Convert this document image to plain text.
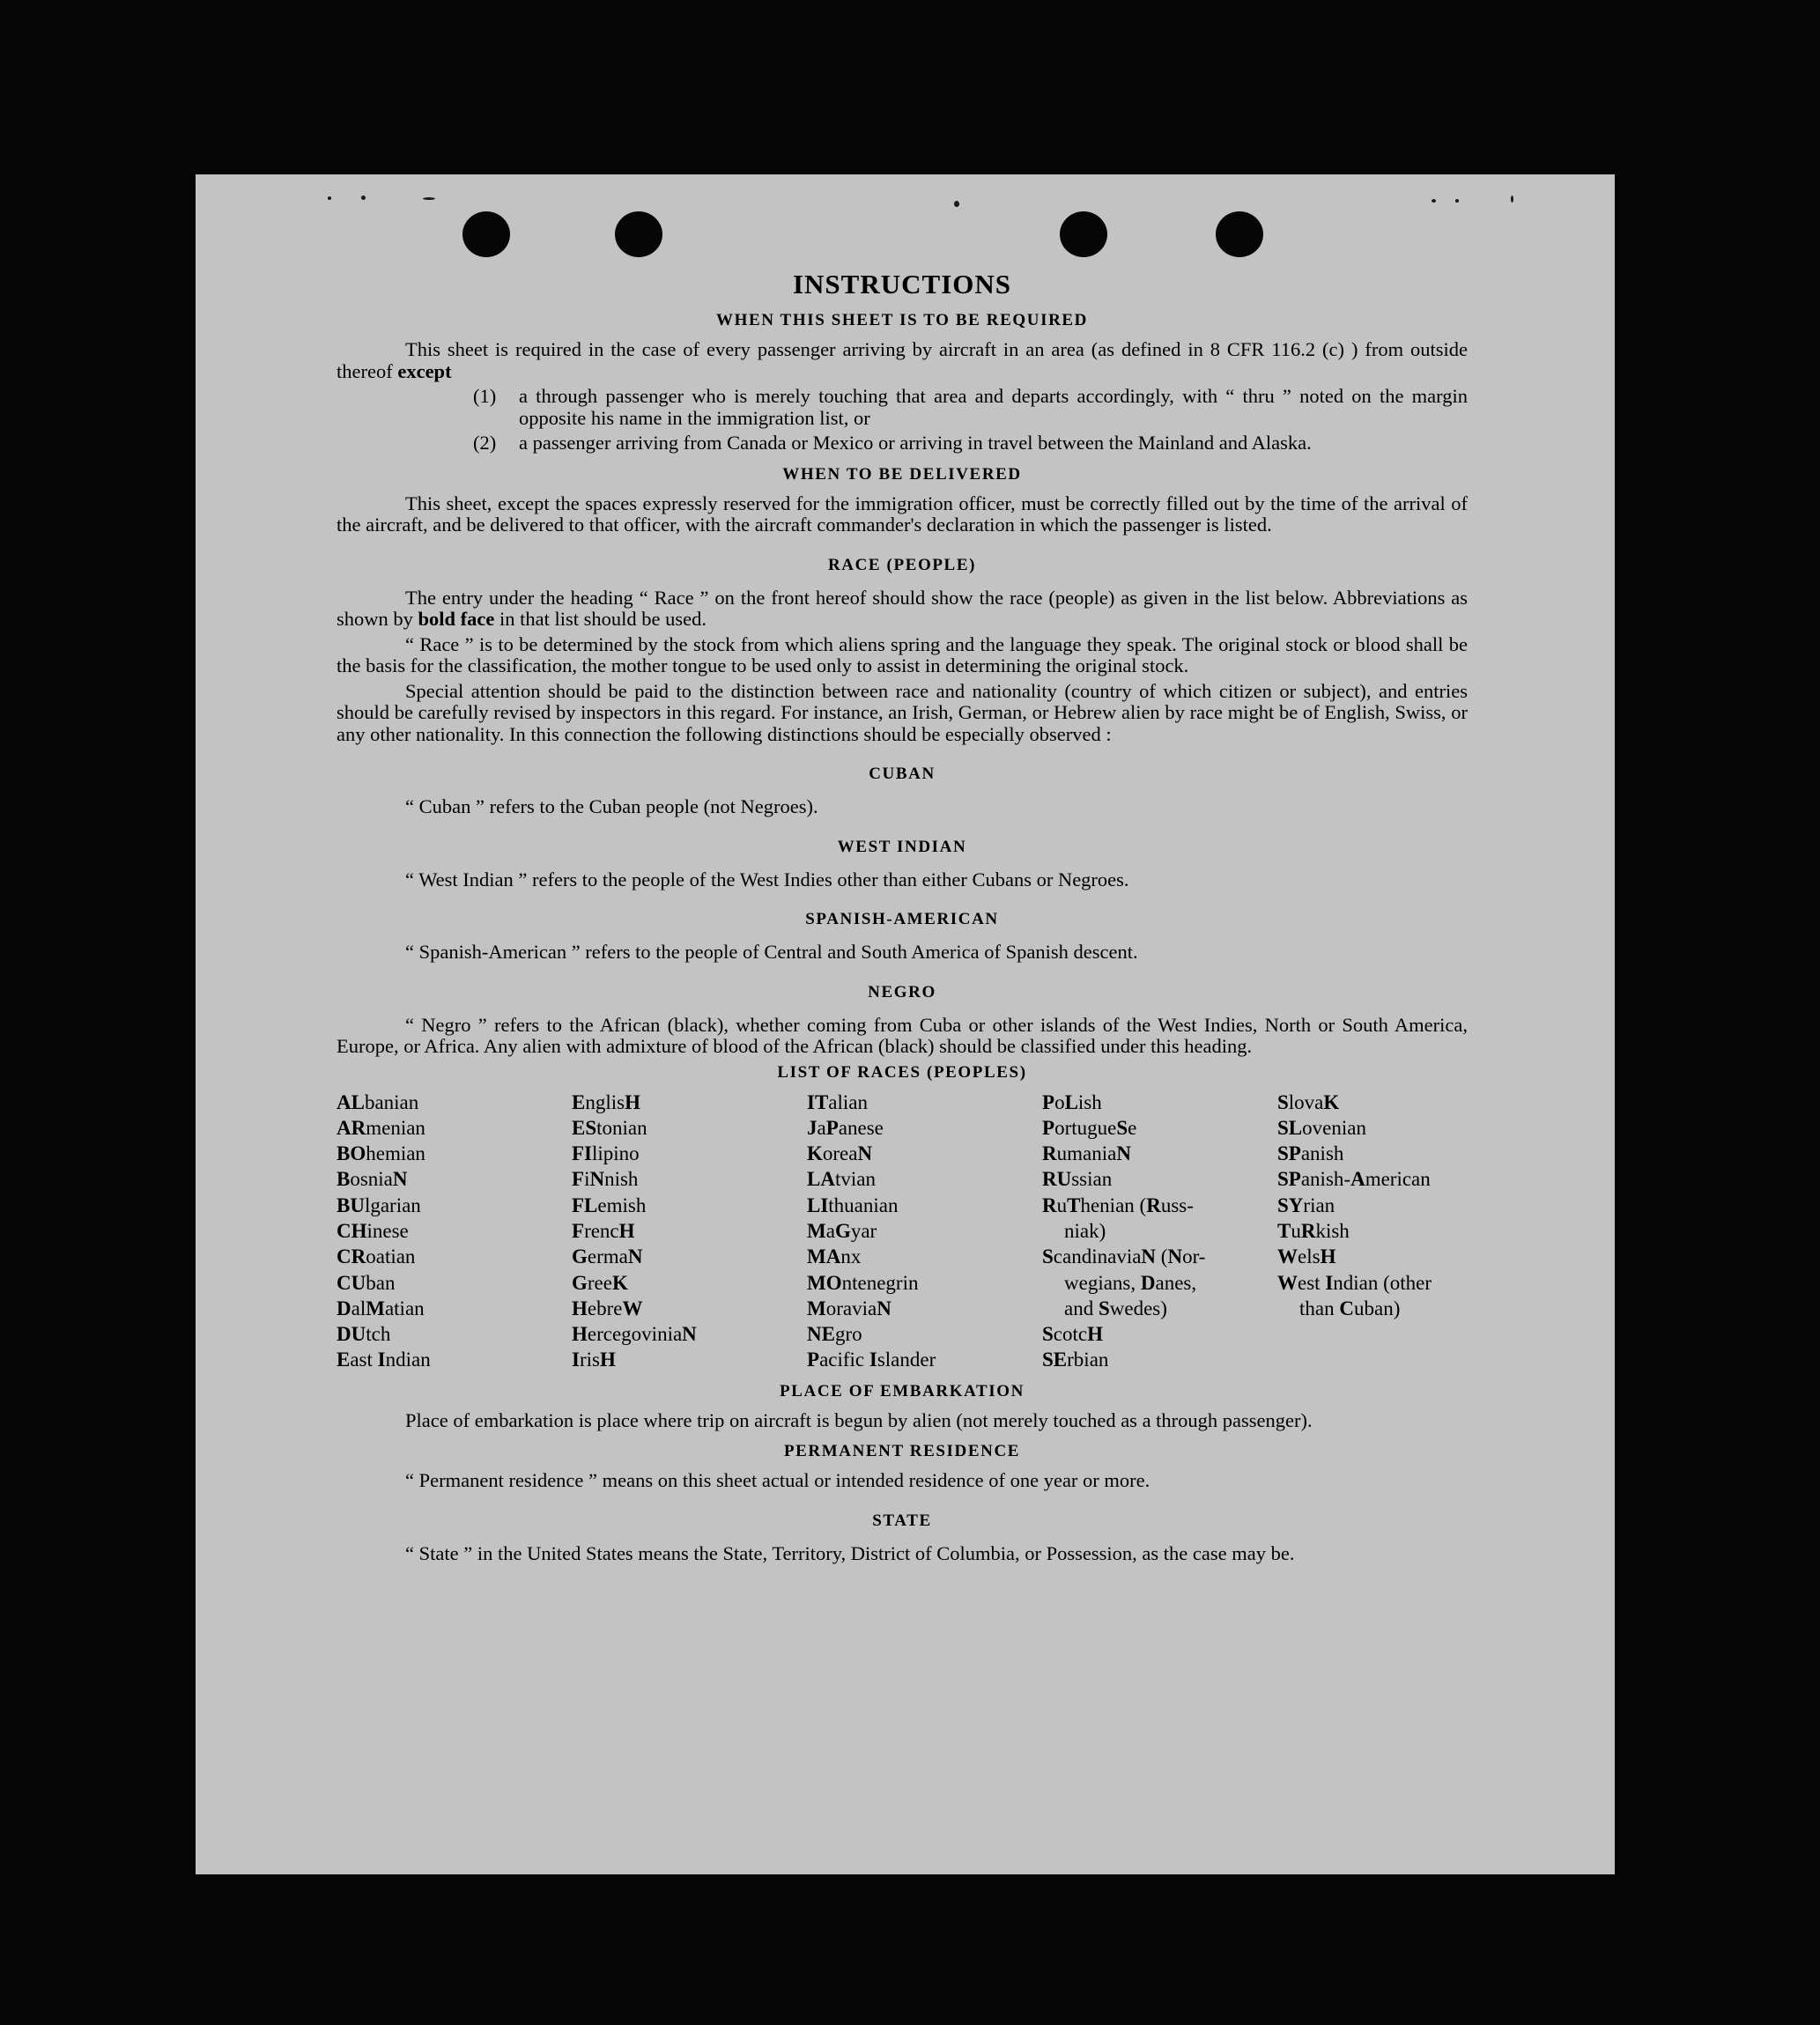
INSTRUCTIONS
WHEN THIS SHEET IS TO BE REQUIRED

This sheet is required in the case of every passenger arriving by aircraft in an area (as defined in 8 CFR 116.2 (c) ) from outside thereof except

(1)	a through passenger who is merely touching that area and departs accordingly, with “ thru ” noted on the margin opposite his name in the immigration list, or
(2)	a passenger arriving from Canada or Mexico or arriving in travel between the Mainland and Alaska.
WHEN TO BE DELIVERED

This sheet, except the spaces expressly reserved for the immigration officer, must be correctly filled out by the time of the arrival of the aircraft, and be delivered to that officer, with the aircraft commander's declaration in which the passenger is listed.

RACE (PEOPLE)

The entry under the heading “ Race ” on the front hereof should show the race (people) as given in the list below. Abbreviations as shown by bold face in that list should be used.

“ Race ” is to be determined by the stock from which aliens spring and the language they speak. The original stock or blood shall be the basis for the classification, the mother tongue to be used only to assist in determining the original stock.

Special attention should be paid to the distinction between race and nationality (country of which citizen or subject), and entries should be carefully revised by inspectors in this regard. For instance, an Irish, German, or Hebrew alien by race might be of English, Swiss, or any other nationality. In this connection the following distinctions should be especially observed :

CUBAN

“ Cuban ” refers to the Cuban people (not Negroes).

WEST INDIAN

“ West Indian ” refers to the people of the West Indies other than either Cubans or Negroes.

SPANISH-AMERICAN

“ Spanish-American ” refers to the people of Central and South America of Spanish descent.

NEGRO

“ Negro ” refers to the African (black), whether coming from Cuba or other islands of the West Indies, North or South America, Europe, or Africa. Any alien with admixture of blood of the African (black) should be classified under this heading.

LIST OF RACES (PEOPLES)
ALbanian
ARmenian
BOhemian
BosniaN
BUlgarian
CHinese
CRoatian
CUban
DalMatian
DUtch
East Indian
EnglisH
EStonian
FIlipino
FiNnish
FLemish
FrencH
GermaN
GreeK
HebreW
HercegoviniaN
IrisH
ITalian
JaPanese
KoreaN
LAtvian
LIthuanian
MaGyar
MAnx
MOntenegrin
MoraviaN
NEgro
Pacific Islander
PoLish
PortugueSe
RumaniaN
RUssian
RuThenian (Russ-
niak)
ScandinaviaN (Nor-
wegians, Danes,
and Swedes)
ScotcH
SErbian
SlovaK
SLovenian
SPanish
SPanish-American
SYrian
TuRkish
WelsH
West Indian (other
than Cuban)
PLACE OF EMBARKATION

Place of embarkation is place where trip on aircraft is begun by alien (not merely touched as a through passenger).

PERMANENT RESIDENCE

“ Permanent residence ” means on this sheet actual or intended residence of one year or more.

STATE

“ State ” in the United States means the State, Territory, District of Columbia, or Possession, as the case may be.
